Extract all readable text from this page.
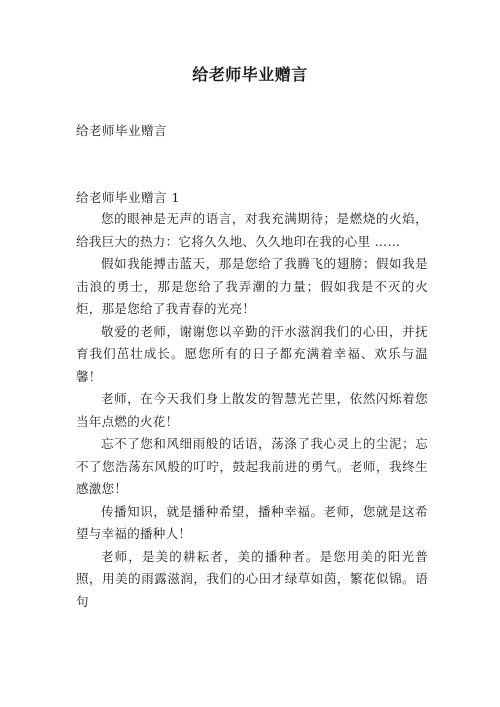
给老师毕业赠言
给老师毕业赠言
给老师毕业赠言 1

您的眼神是无声的语言，对我充满期待；是燃烧的火焰，给我巨大的热力：它将久久地、久久地印在我的心里 ……

假如我能搏击蓝天，那是您给了我腾飞的翅膀；假如我是击浪的勇士，那是您给了我弄潮的力量；假如我是不灭的火炬，那是您给了我青春的光亮！

敬爱的老师，谢谢您以辛勤的汗水滋润我们的心田，并抚育我们茁壮成长。愿您所有的日子都充满着幸福、欢乐与温馨！

老师，在今天我们身上散发的智慧光芒里，依然闪烁着您当年点燃的火花！

忘不了您和风细雨般的话语，荡涤了我心灵上的尘泥；忘不了您浩荡东风般的叮咛，鼓起我前进的勇气。老师，我终生感激您！

传播知识，就是播种希望，播种幸福。老师，您就是这希望与幸福的播种人！

老师，是美的耕耘者，美的播种者。是您用美的阳光普照，用美的雨露滋润，我们的心田才绿草如茵，繁花似锦。语句
